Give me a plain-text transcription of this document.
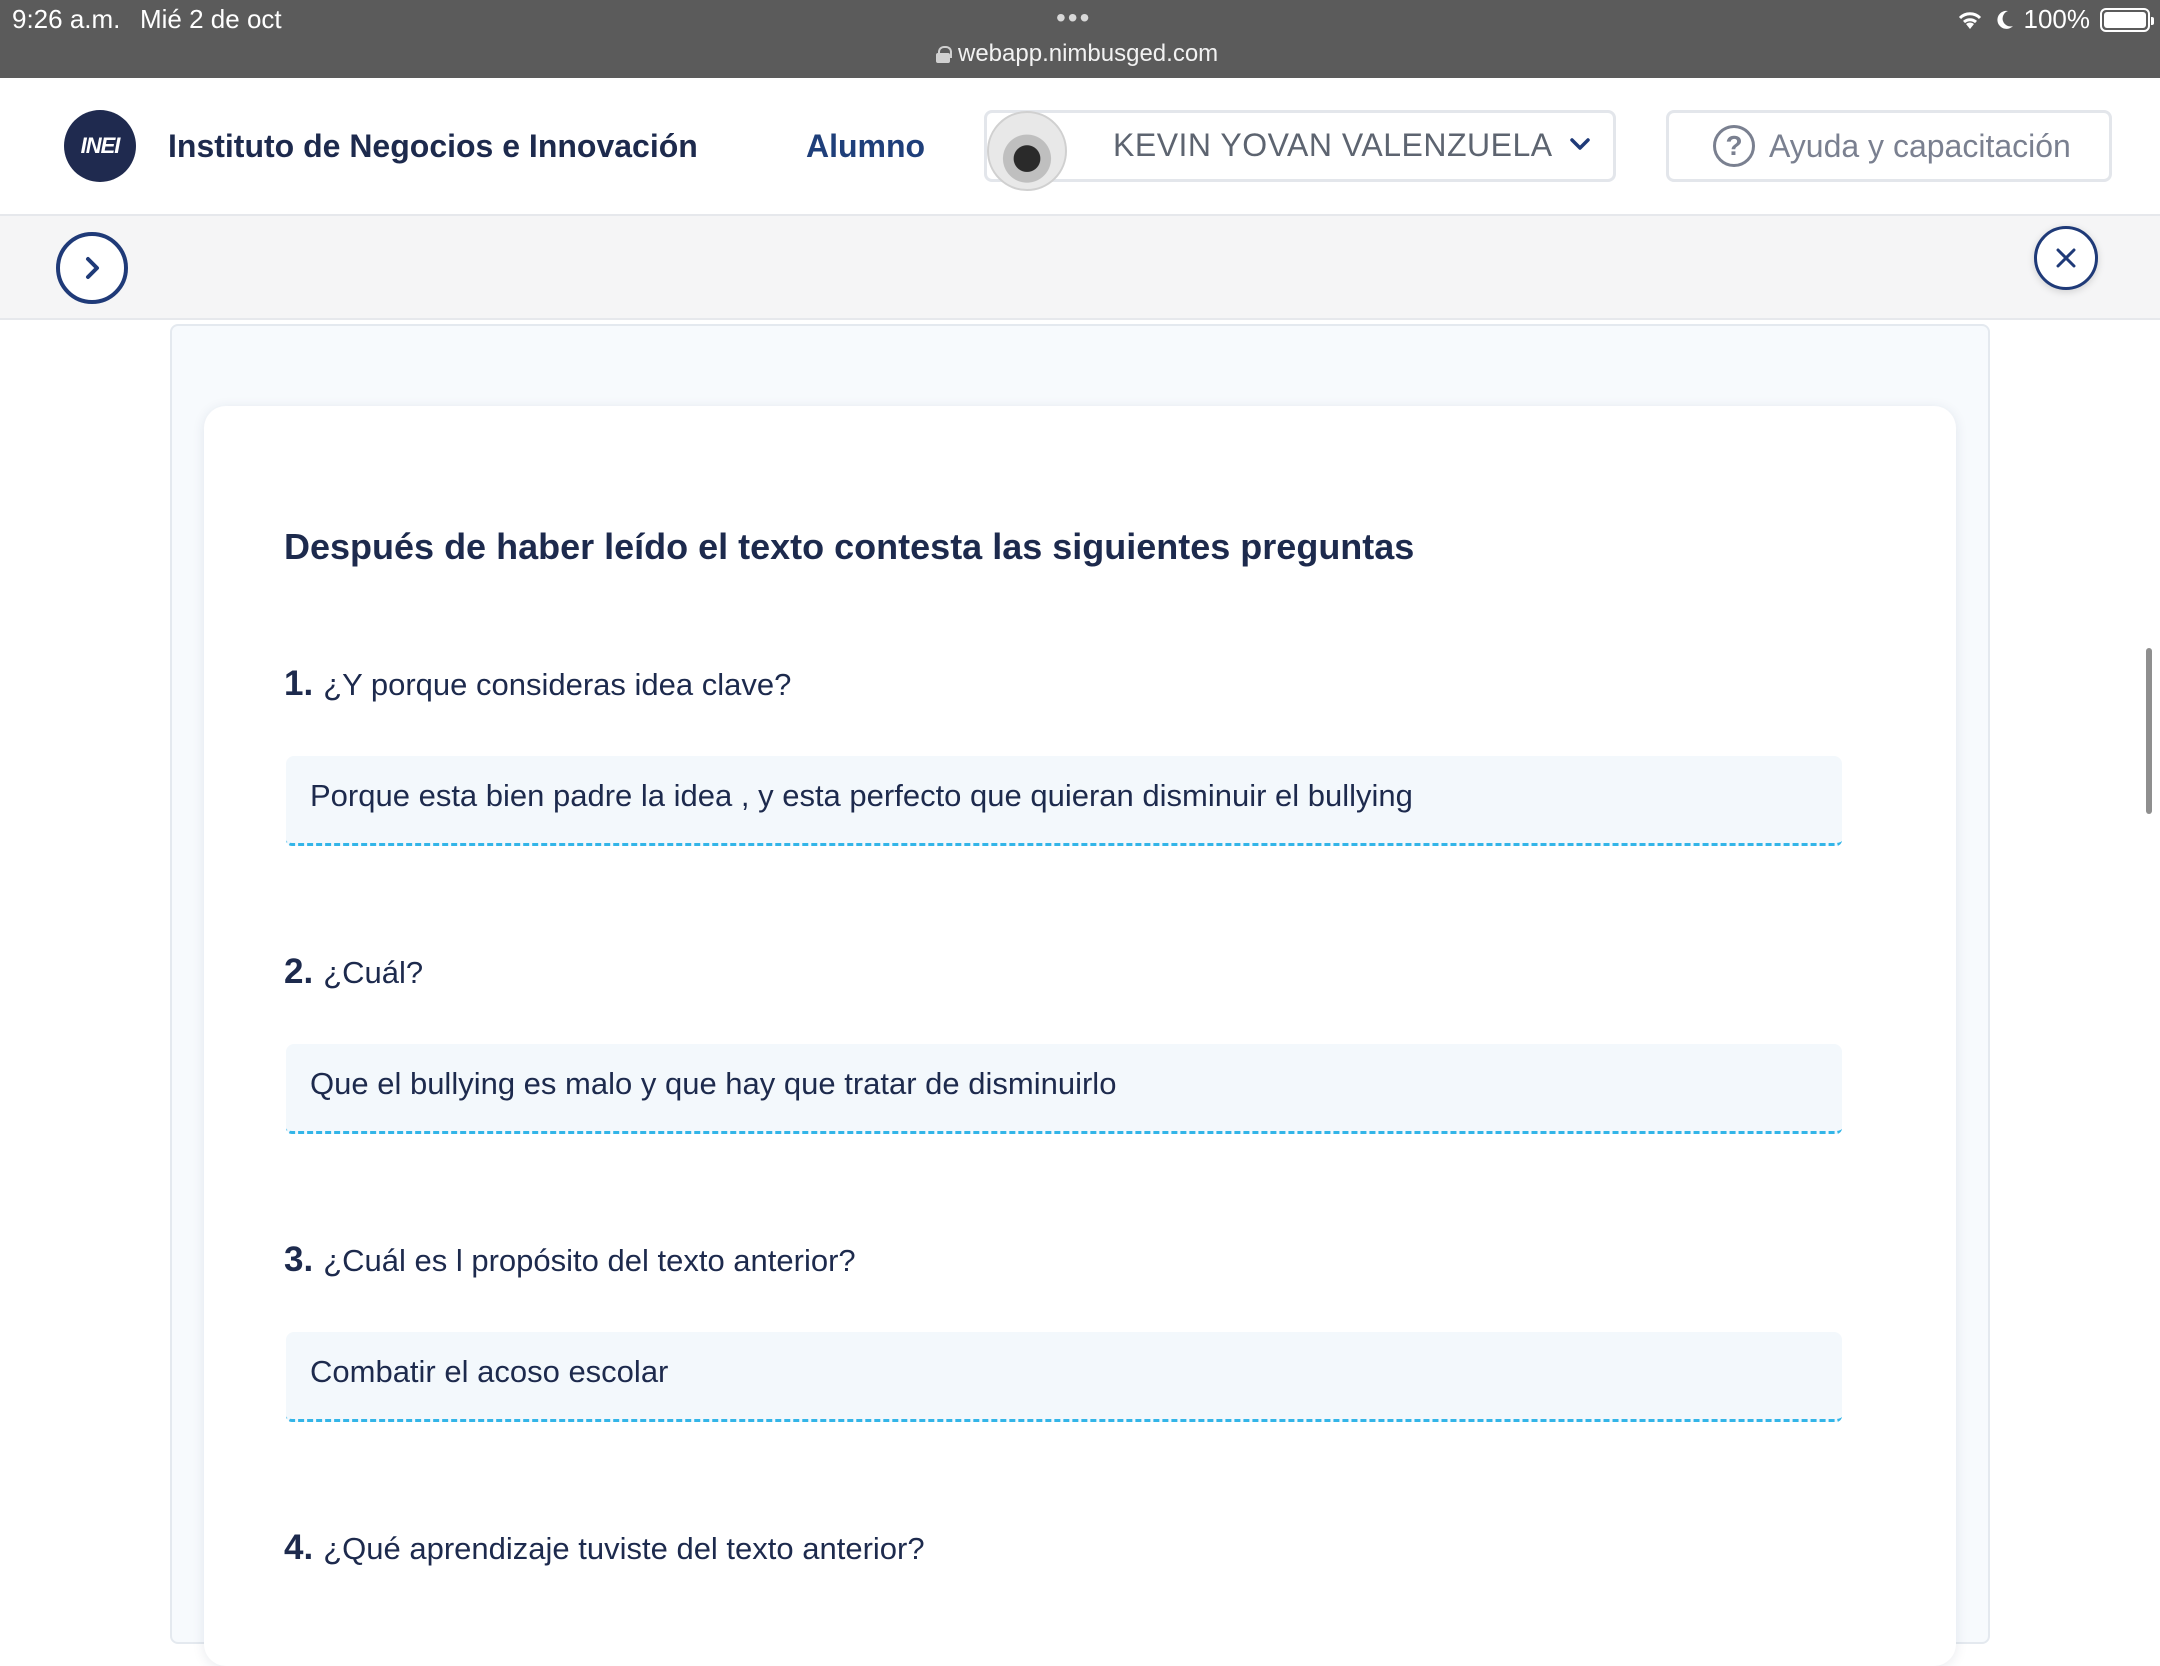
9:26 a.m. Mié 2 de oct	•••
webapp.nimbusged.com
100%
INEI	Instituto de Negocios e Innovación	Alumno	KEVIN YOVAN VALENZUELA	? Ayuda y capacitación
Después de haber leído el texto contesta las siguientes preguntas
1. ¿Y porque consideras idea clave?
Porque esta bien padre la idea , y esta perfecto que quieran disminuir el bullying
2. ¿Cuál?
Que el bullying es malo y que hay que tratar de disminuirlo
3. ¿Cuál es l propósito del texto anterior?
Combatir el acoso escolar
4. ¿Qué aprendizaje tuviste del texto anterior?
